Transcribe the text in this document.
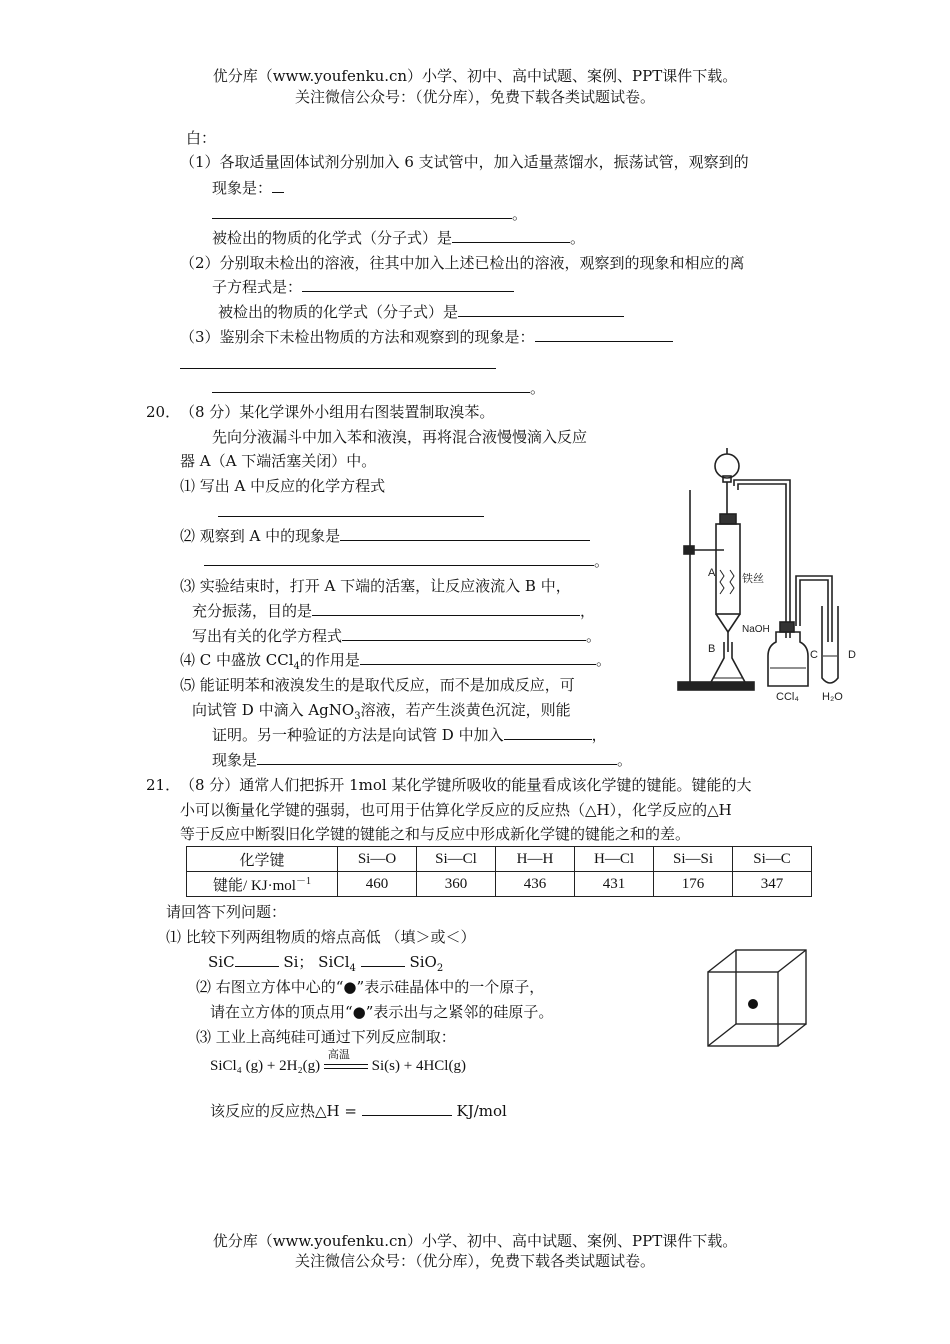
优分库（www.youfenku.cn）小学、初中、高中试题、案例、PPT课件下载。
关注微信公众号：（优分库），免费下载各类试题试卷。
白：
（1）各取适量固体试剂分别加入 6 支试管中，加入适量蒸馏水，振荡试管，观察到的
现象是：
。
被检出的物质的化学式（分子式）是	。
（2）分别取未检出的溶液，往其中加入上述已检出的溶液，观察到的现象和相应的离
子方程式是：
被检出的物质的化学式（分子式）是
（3）鉴别余下未检出物质的方法和观察到的现象是：
。
20． （8 分）某化学课外小组用右图装置制取溴苯。
先向分液漏斗中加入苯和液溴，再将混合液慢慢滴入反应
器 A（A 下端活塞关闭）中。
⑴ 写出 A 中反应的化学方程式
⑵ 观察到 A 中的现象是
。
⑶ 实验结束时，打开 A 下端的活塞，让反应液流入 B 中，
充分振荡，目的是	，
写出有关的化学方程式	。
⑷ C 中盛放 CCl$_4$的作用是	。
⑸ 能证明苯和液溴发生的是取代反应，而不是加成反应，可
向试管 D 中滴入 AgNO$_3$溶液，若产生淡黄色沉淀，则能
证明。另一种验证的方法是向试管 D 中加入	，
现象是	。
A 铁丝
NaOH
B	C	D
CCl₄ H₂O
21． （8 分）通常人们把拆开 1mol 某化学键所吸收的能量看成该化学键的键能。键能的大
小可以衡量化学键的强弱，也可用于估算化学反应的反应热（△H），化学反应的△H
等于反应中断裂旧化学键的键能之和与反应中形成新化学键的键能之和的差。
化学键	Si—O	Si—Cl	H—H	H—Cl	Si—Si	Si—C
键能/ KJ·mol$^{-1}$	460	360	436	431	176	347
请回答下列问题：
⑴ 比较下列两组物质的熔点高低 （填＞或＜）
SiC	Si； SiCl$_4$	SiO$_2$
⑵ 右图立方体中心的“●”表示硅晶体中的一个原子，
请在立方体的顶点用“●”表示出与之紧邻的硅原子。
⑶ 工业上高纯硅可通过下列反应制取：
SiCl₄ (g) + 2H₂(g)
高温
Si(s) + 4HCl(g)
该反应的反应热△H =	KJ/mol
优分库（www.youfenku.cn）小学、初中、高中试题、案例、PPT课件下载。
关注微信公众号：（优分库），免费下载各类试题试卷。
